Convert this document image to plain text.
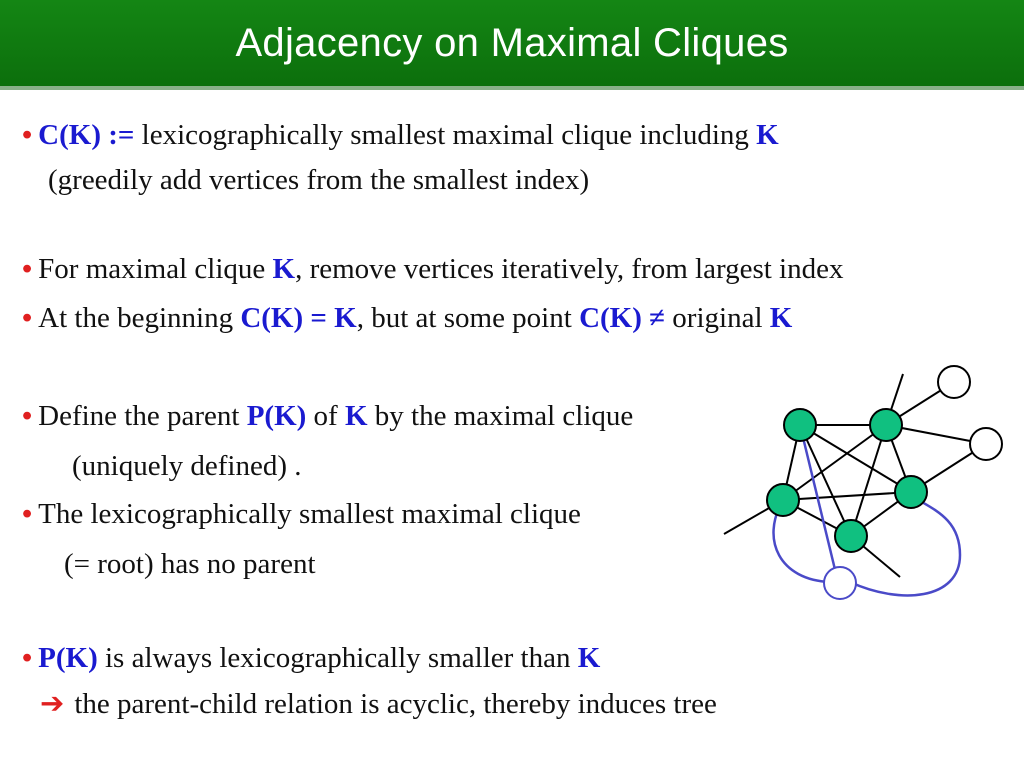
Adjacency on Maximal Cliques
• C(K) := lexicographically smallest maximal clique including K
(greedily add vertices from the smallest index)
• For maximal clique K, remove vertices iteratively, from largest index
• At the beginning C(K) = K, but at some point C(K) ≠ original K
• Define the parent P(K) of K by the maximal clique
(uniquely defined) .
• The lexicographically smallest maximal clique
(= root) has no parent
• P(K) is always lexicographically smaller than K
➔ the parent-child relation is acyclic, thereby induces tree
